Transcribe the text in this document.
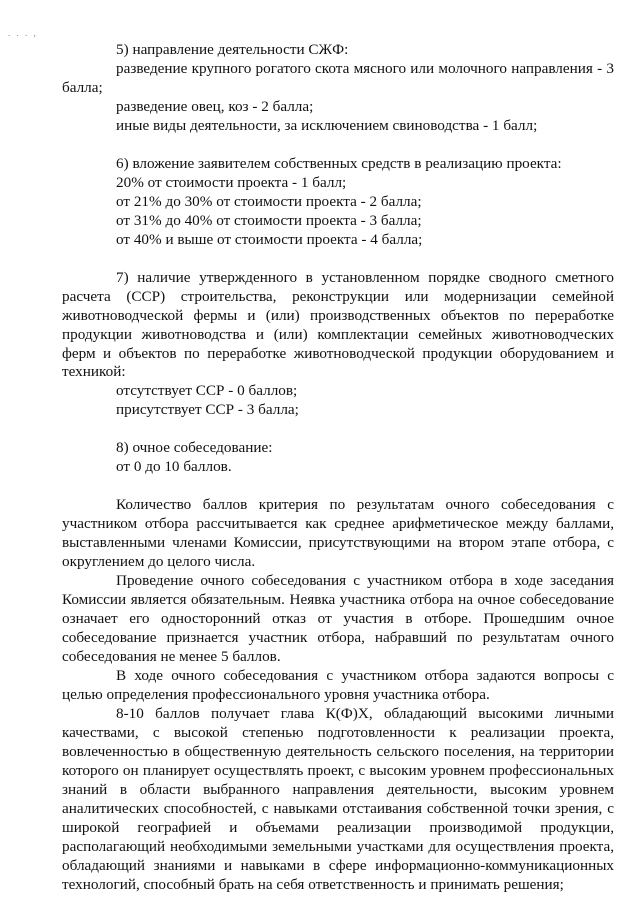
. . . ,
5) направление деятельности СЖФ:
разведение крупного рогатого скота мясного или молочного направления - 3
балла;
разведение овец, коз - 2 балла;
иные виды деятельности, за исключением свиноводства - 1 балл;
6) вложение заявителем собственных средств в реализацию проекта:
20% от стоимости проекта - 1 балл;
от 21% до 30% от стоимости проекта - 2 балла;
от 31% до 40% от стоимости проекта - 3 балла;
от 40% и выше от стоимости проекта - 4 балла;
7) наличие утвержденного в установленном порядке сводного сметного
расчета (ССР) строительства, реконструкции или модернизации семейной
животноводческой фермы и (или) производственных объектов по переработке
продукции животноводства и (или) комплектации семейных животноводческих
ферм и объектов по переработке животноводческой продукции оборудованием и
техникой:
отсутствует ССР - 0 баллов;
присутствует ССР - 3 балла;
8) очное собеседование:
от 0 до 10 баллов.
Количество баллов критерия по результатам очного собеседования с
участником отбора рассчитывается как среднее арифметическое между баллами,
выставленными членами Комиссии, присутствующими на втором этапе отбора, с
округлением до целого числа.
Проведение очного собеседования с участником отбора в ходе заседания
Комиссии является обязательным. Неявка участника отбора на очное собеседование
означает его односторонний отказ от участия в отборе. Прошедшим очное
собеседование признается участник отбора, набравший по результатам очного
собеседования не менее 5 баллов.
В ходе очного собеседования с участником отбора задаются вопросы с
целью определения профессионального уровня участника отбора.
8-10 баллов получает глава К(Ф)Х, обладающий высокими личными
качествами, с высокой степенью подготовленности к реализации проекта,
вовлеченностью в общественную деятельность сельского поселения, на территории
которого он планирует осуществлять проект, с высоким уровнем профессиональных
знаний в области выбранного направления деятельности, высоким уровнем
аналитических способностей, с навыками отстаивания собственной точки зрения, с
широкой географией и объемами реализации производимой продукции,
располагающий необходимыми земельными участками для осуществления проекта,
обладающий знаниями и навыками в сфере информационно-коммуникационных
технологий, способный брать на себя ответственность и принимать решения;
